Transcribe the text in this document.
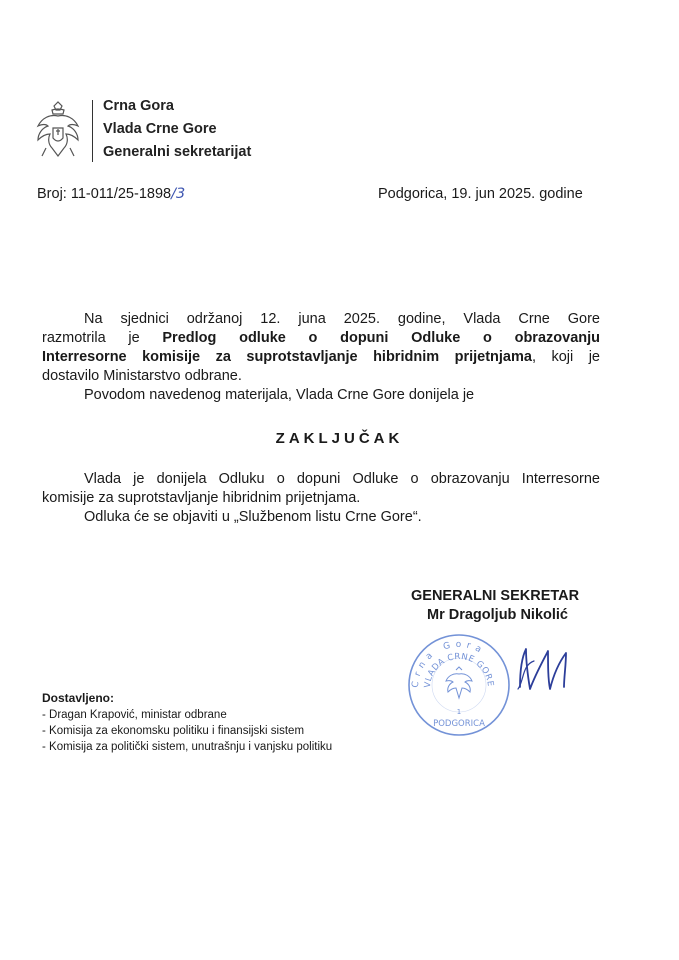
Crna Gora
Vlada Crne Gore
Generalni sekretarijat
Broj: 11-011/25-1898/3	Podgorica, 19. jun 2025. godine
Na sjednici održanoj 12. juna 2025. godine, Vlada Crne Gore
razmotrila je Predlog odluke o dopuni Odluke o obrazovanju
Interresorne komisije za suprotstavljanje hibridnim prijetnjama, koji je
dostavilo Ministarstvo odbrane.
Povodom navedenog materijala, Vlada Crne Gore donijela je
ZAKLJUČAK
Vlada je donijela Odluku o dopuni Odluke o obrazovanju Interresorne
komisije za suprotstavljanje hibridnim prijetnjama.
Odluka će se objaviti u „Službenom listu Crne Gore“.
GENERALNI SEKRETAR
Mr Dragoljub Nikolić
Crna Gora
VLADA CRNE GORE
1
PODGORICA
Dostavljeno:
- Dragan Krapović, ministar odbrane
- Komisija za ekonomsku politiku i finansijski sistem
- Komisija za politički sistem, unutrašnju i vanjsku politiku
